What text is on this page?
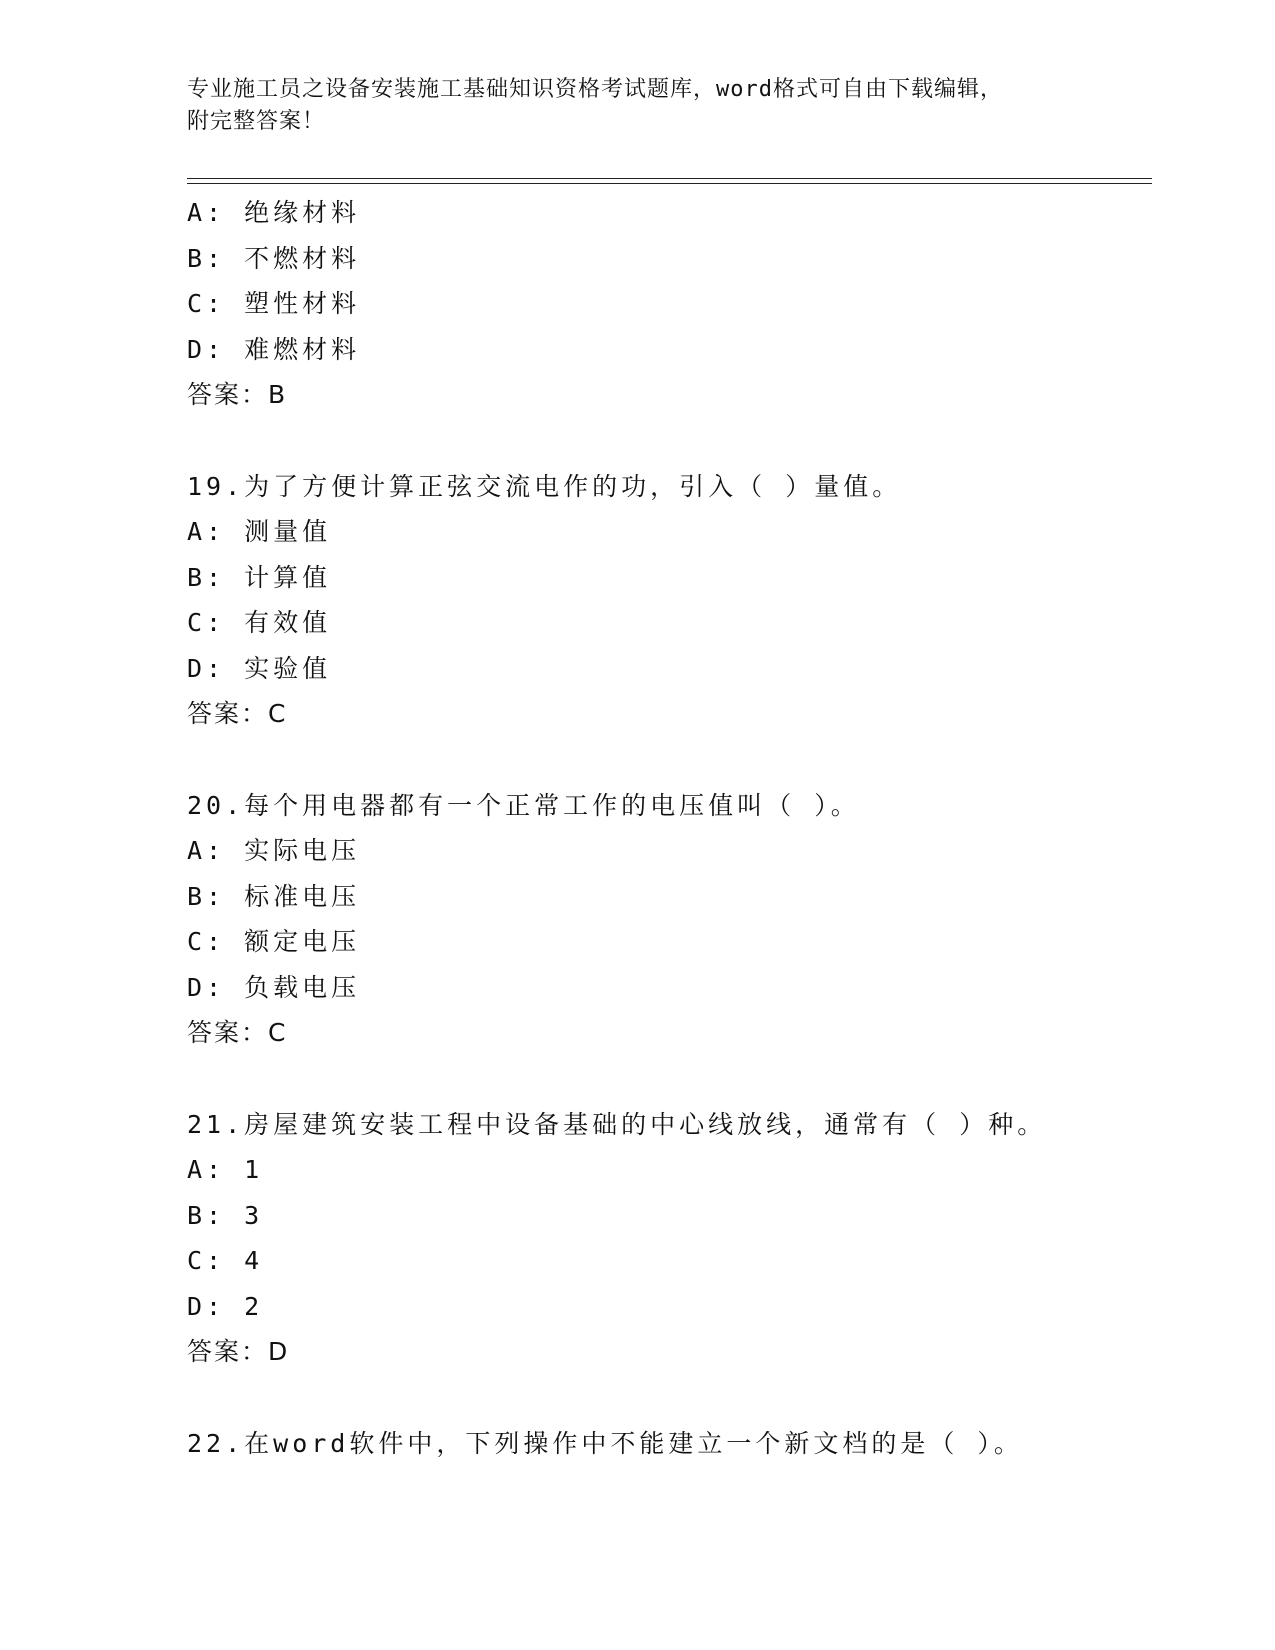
专业施工员之设备安装施工基础知识资格考试题库，word格式可自由下载编辑，
附完整答案！
A: 绝缘材料
B: 不燃材料
C: 塑性材料
D: 难燃材料
答案：B
19.为了方便计算正弦交流电作的功，引入（ ）量值。
A: 测量值
B: 计算值
C: 有效值
D: 实验值
答案：C
20.每个用电器都有一个正常工作的电压值叫（ ）。
A: 实际电压
B: 标准电压
C: 额定电压
D: 负载电压
答案：C
21.房屋建筑安装工程中设备基础的中心线放线，通常有（ ）种。
A: 1
B: 3
C: 4
D: 2
答案：D
22.在word软件中，下列操作中不能建立一个新文档的是（ ）。
